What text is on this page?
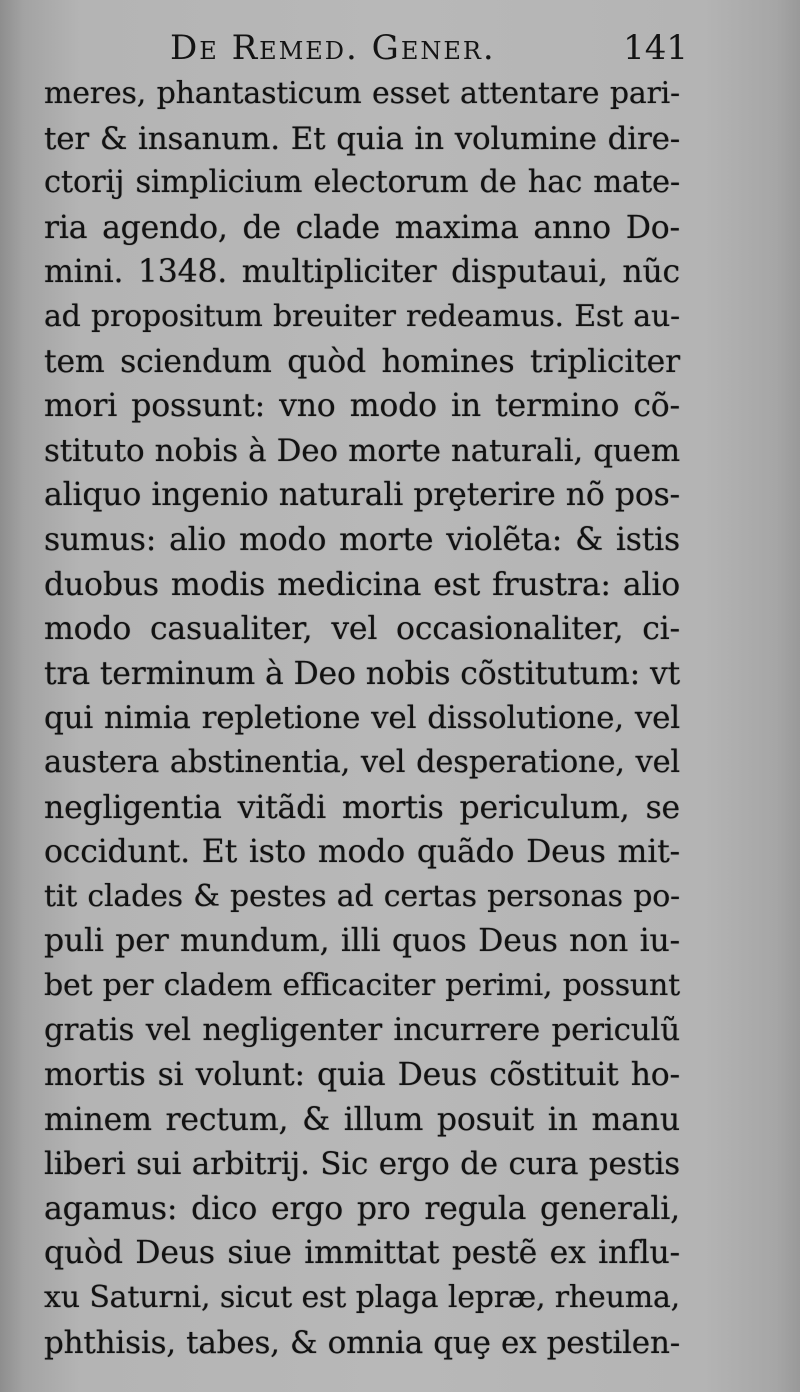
De Remed. Gener.	141
meres, phantasticum esset attentare pari-
ter & insanum. Et quia in volumine dire-
ctorij simplicium electorum de hac mate-
ria agendo, de clade maxima anno Do-
mini. 1348. multipliciter disputaui, nũc
ad propositum breuiter redeamus. Est au-
tem sciendum quòd homines tripliciter
mori possunt: vno modo in termino cõ-
stituto nobis à Deo morte naturali, quem
aliquo ingenio naturali prȩterire nõ pos-
sumus: alio modo morte violẽta: & istis
duobus modis medicina est frustra: alio
modo casualiter, vel occasionaliter, ci-
tra terminum à Deo nobis cõstitutum: vt
qui nimia repletione vel dissolutione, vel
austera abstinentia, vel desperatione, vel
negligentia vitãdi mortis periculum, se
occidunt. Et isto modo quãdo Deus mit-
tit clades & pestes ad certas personas po-
puli per mundum, illi quos Deus non iu-
bet per cladem efficaciter perimi, possunt
gratis vel negligenter incurrere periculũ
mortis si volunt: quia Deus cõstituit ho-
minem rectum, & illum posuit in manu
liberi sui arbitrij. Sic ergo de cura pestis
agamus: dico ergo pro regula generali,
quòd Deus siue immittat pestẽ ex influ-
xu Saturni, sicut est plaga lepræ, rheuma,
phthisis, tabes, & omnia quȩ ex pestilen-
